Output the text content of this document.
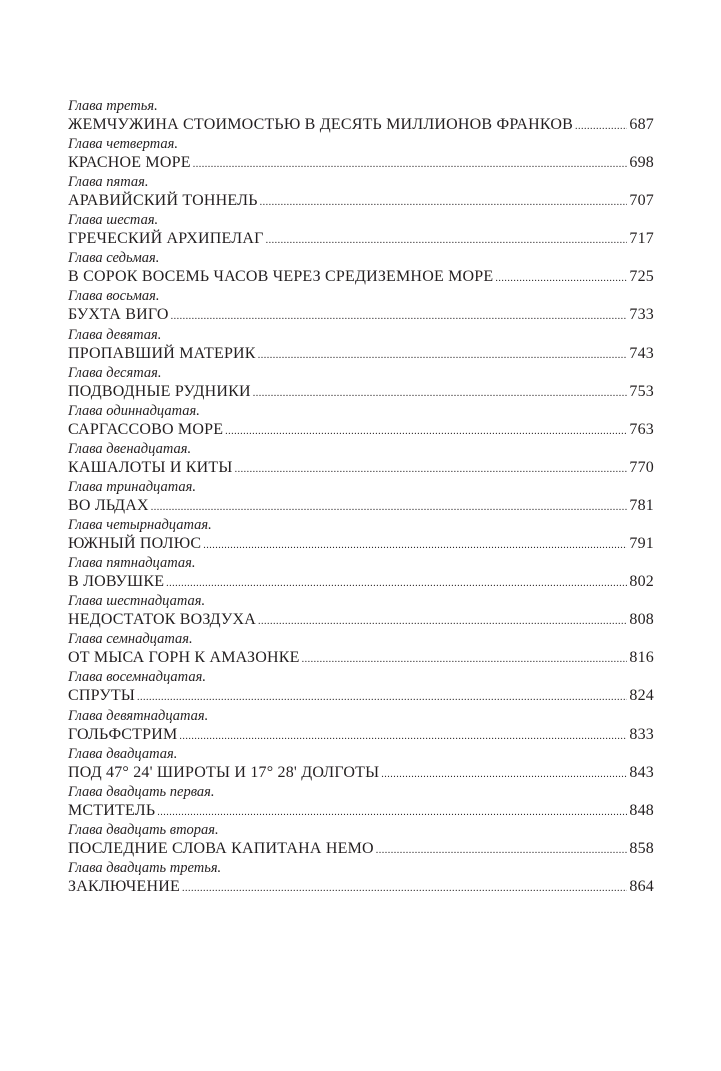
Глава третья.
ЖЕМЧУЖИНА СТОИМОСТЬЮ В ДЕСЯТЬ МИЛЛИОНОВ ФРАНКОВ .....	687
Глава четвертая.
КРАСНОЕ МОРЕ .....	698
Глава пятая.
АРАВИЙСКИЙ ТОННЕЛЬ .....	707
Глава шестая.
ГРЕЧЕСКИЙ АРХИПЕЛАГ .....	717
Глава седьмая.
В СОРОК ВОСЕМЬ ЧАСОВ ЧЕРЕЗ СРЕДИЗЕМНОЕ МОРЕ .....	725
Глава восьмая.
БУХТА ВИГО .....	733
Глава девятая.
ПРОПАВШИЙ МАТЕРИК .....	743
Глава десятая.
ПОДВОДНЫЕ РУДНИКИ .....	753
Глава одиннадцатая.
САРГАССОВО МОРЕ .....	763
Глава двенадцатая.
КАШАЛОТЫ И КИТЫ .....	770
Глава тринадцатая.
ВО ЛЬДАХ .....	781
Глава четырнадцатая.
ЮЖНЫЙ ПОЛЮС .....	791
Глава пятнадцатая.
В ЛОВУШКЕ .....	802
Глава шестнадцатая.
НЕДОСТАТОК ВОЗДУХА .....	808
Глава семнадцатая.
ОТ МЫСА ГОРН К АМАЗОНКЕ .....	816
Глава восемнадцатая.
СПРУТЫ .....	824
Глава девятнадцатая.
ГОЛЬФСТРИМ .....	833
Глава двадцатая.
ПОД 47° 24' ШИРОТЫ И 17° 28' ДОЛГОТЫ .....	843
Глава двадцать первая.
МСТИТЕЛЬ .....	848
Глава двадцать вторая.
ПОСЛЕДНИЕ СЛОВА КАПИТАНА НЕМО .....	858
Глава двадцать третья.
ЗАКЛЮЧЕНИЕ .....	864
